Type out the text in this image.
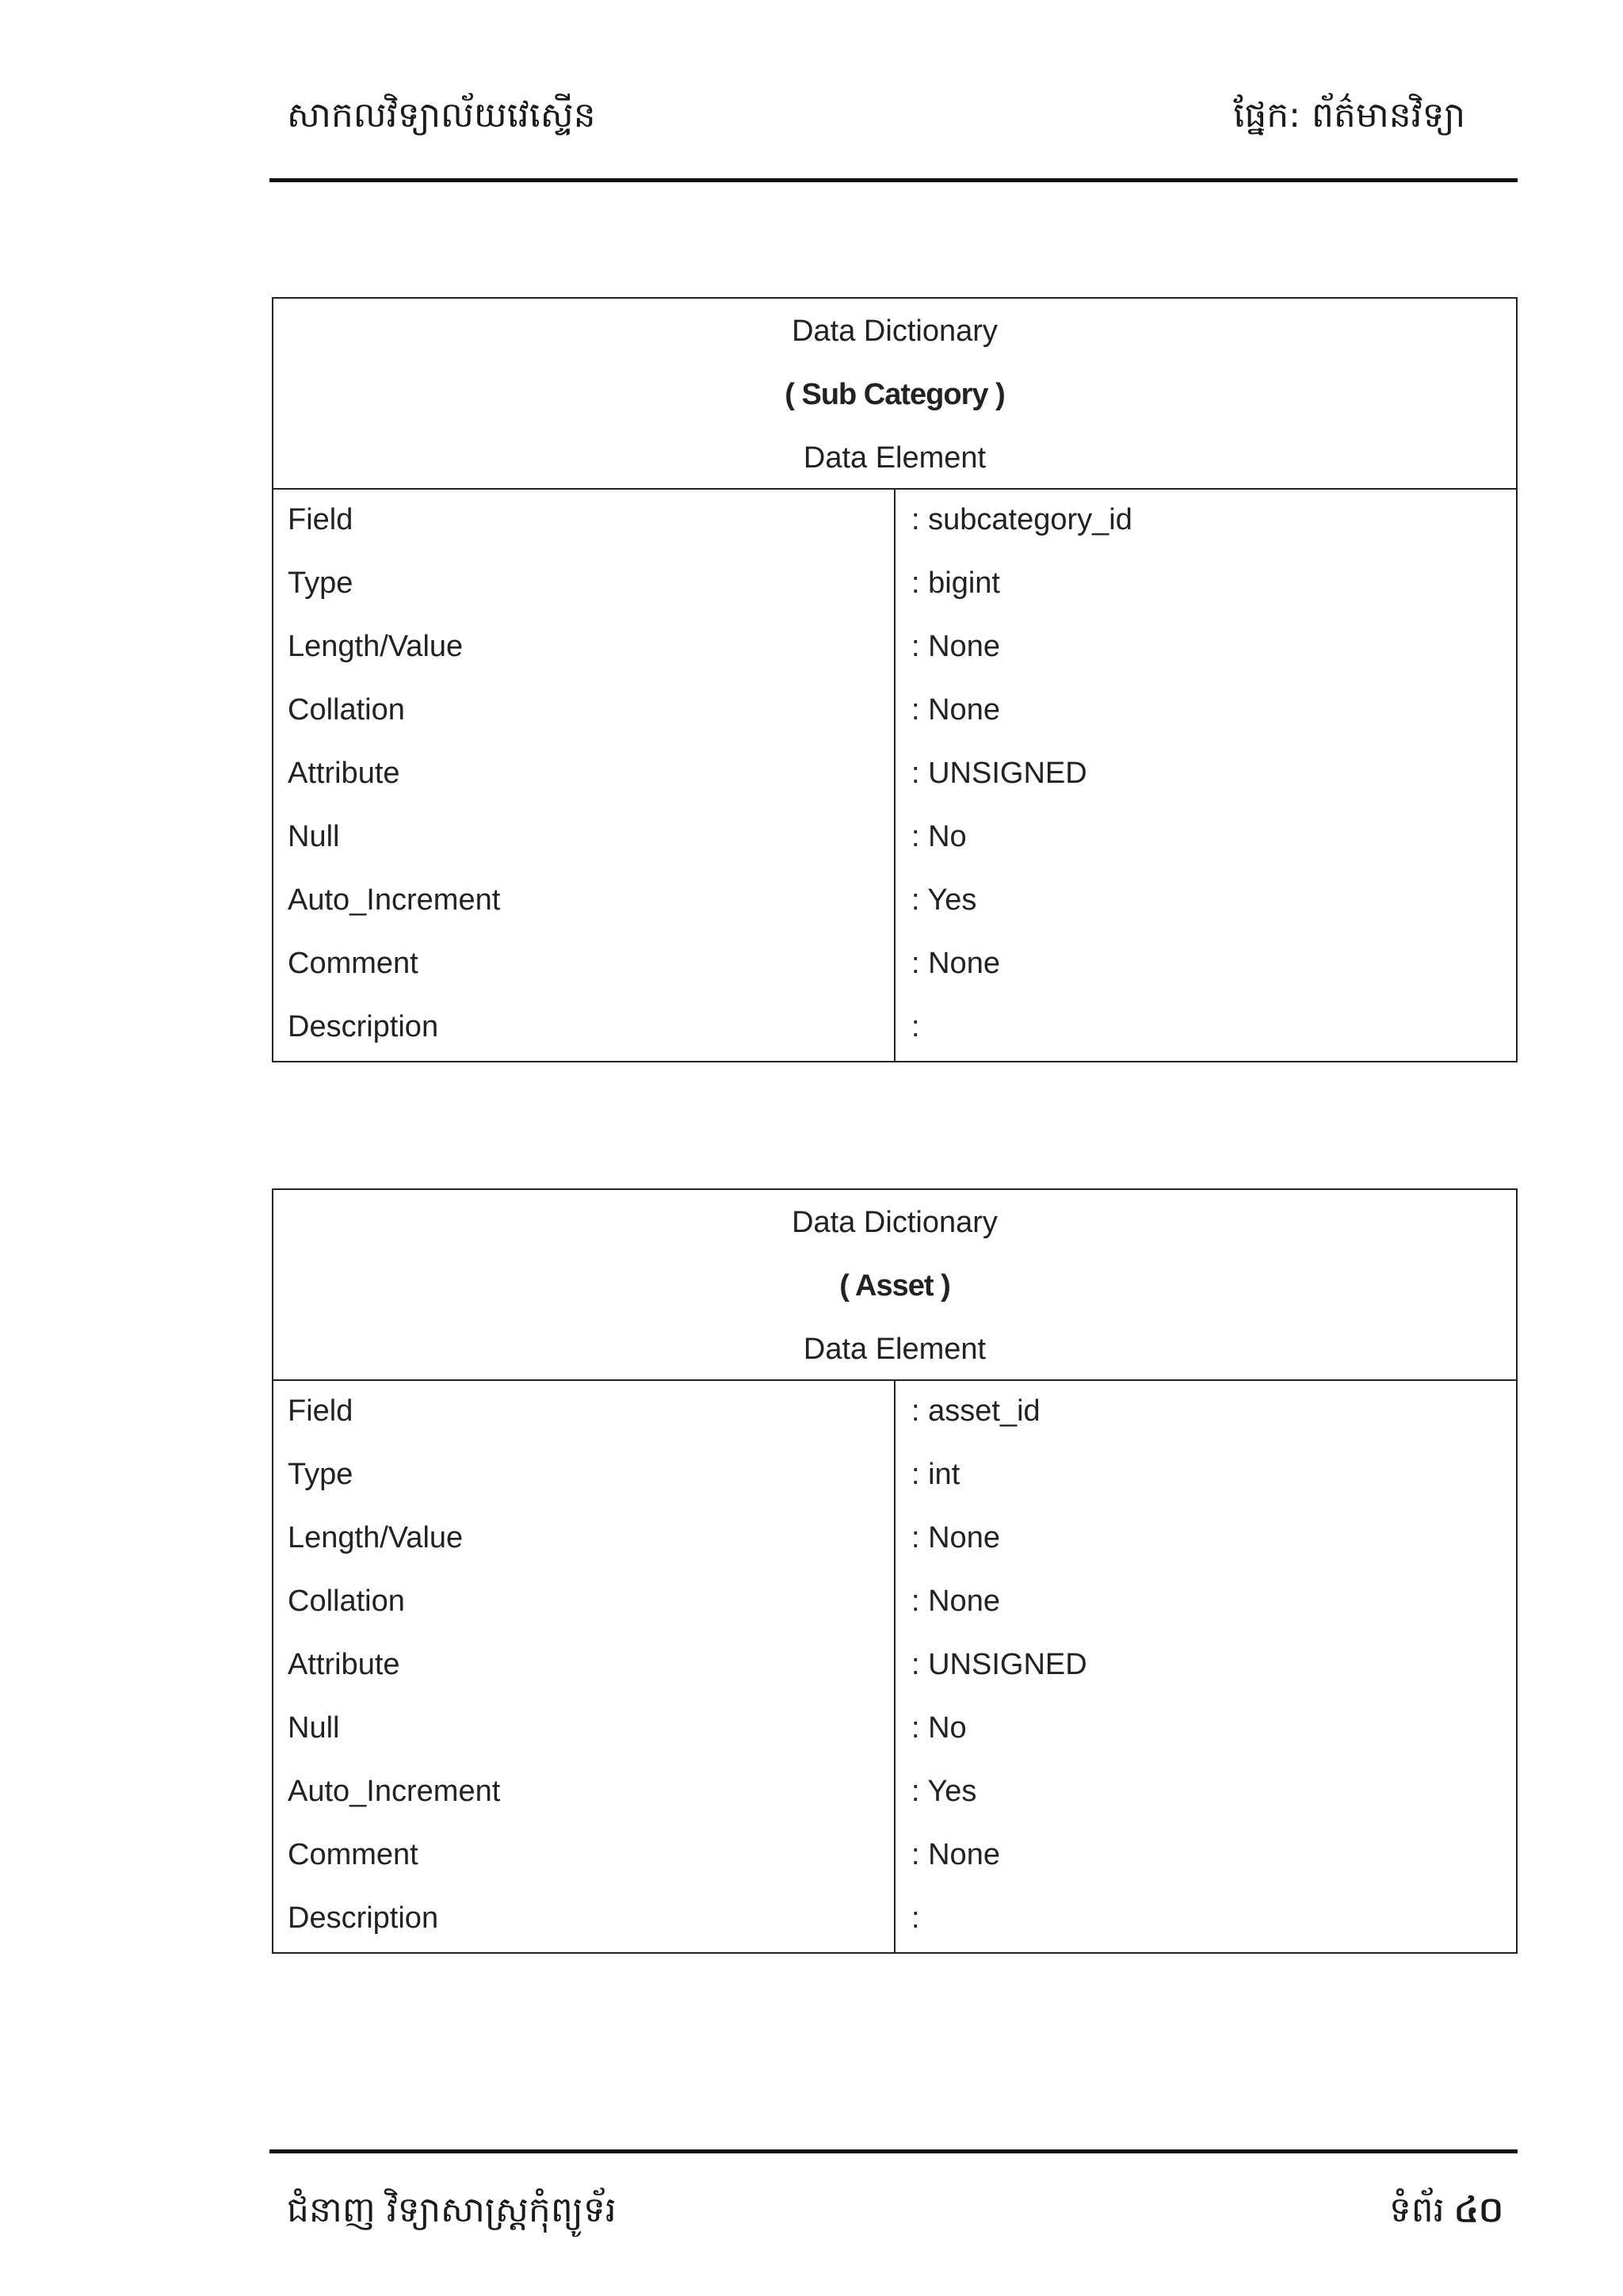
សាកលវិទ្យាល័យវេស្ទើន	ផ្នែក: ព័ត៌មានវិទ្យា
Data Dictionary
( Sub Category )
Data Element
Field
Type
Length/Value
Collation
Attribute
Null
Auto_Increment
Comment
Description
: subcategory_id
: bigint
: None
: None
: UNSIGNED
: No
: Yes
: None
:
Data Dictionary
( Asset )
Data Element
Field
Type
Length/Value
Collation
Attribute
Null
Auto_Increment
Comment
Description
: asset_id
: int
: None
: None
: UNSIGNED
: No
: Yes
: None
:
ជំនាញ វិទ្យាសាស្ត្រកុំព្យូទ័រ	ទំព័រ ៤០
